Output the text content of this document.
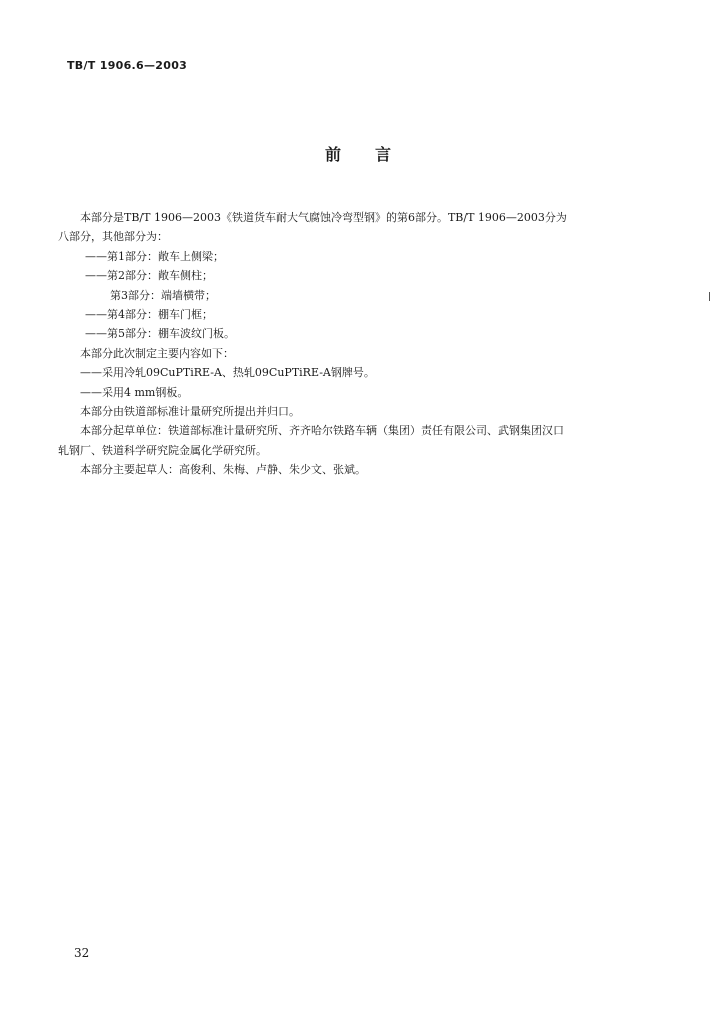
TB/T 1906.6—2003
前言

本部分是TB/T 1906—2003《铁道货车耐大气腐蚀冷弯型钢》的第6部分。TB/T 1906—2003分为

八部分，其他部分为：

——第1部分：敞车上侧梁；

——第2部分：敞车侧柱；

第3部分：端墙横带；

——第4部分：棚车门框；

——第5部分：棚车波纹门板。

本部分此次制定主要内容如下：

——采用冷轧09CuPTiRE-A、热轧09CuPTiRE-A钢牌号。

——采用4 mm钢板。

本部分由铁道部标准计量研究所提出并归口。

本部分起草单位：铁道部标准计量研究所、齐齐哈尔铁路车辆（集团）责任有限公司、武钢集团汉口

轧钢厂、铁道科学研究院金属化学研究所。

本部分主要起草人：高俊利、朱梅、卢静、朱少文、张斌。

32
